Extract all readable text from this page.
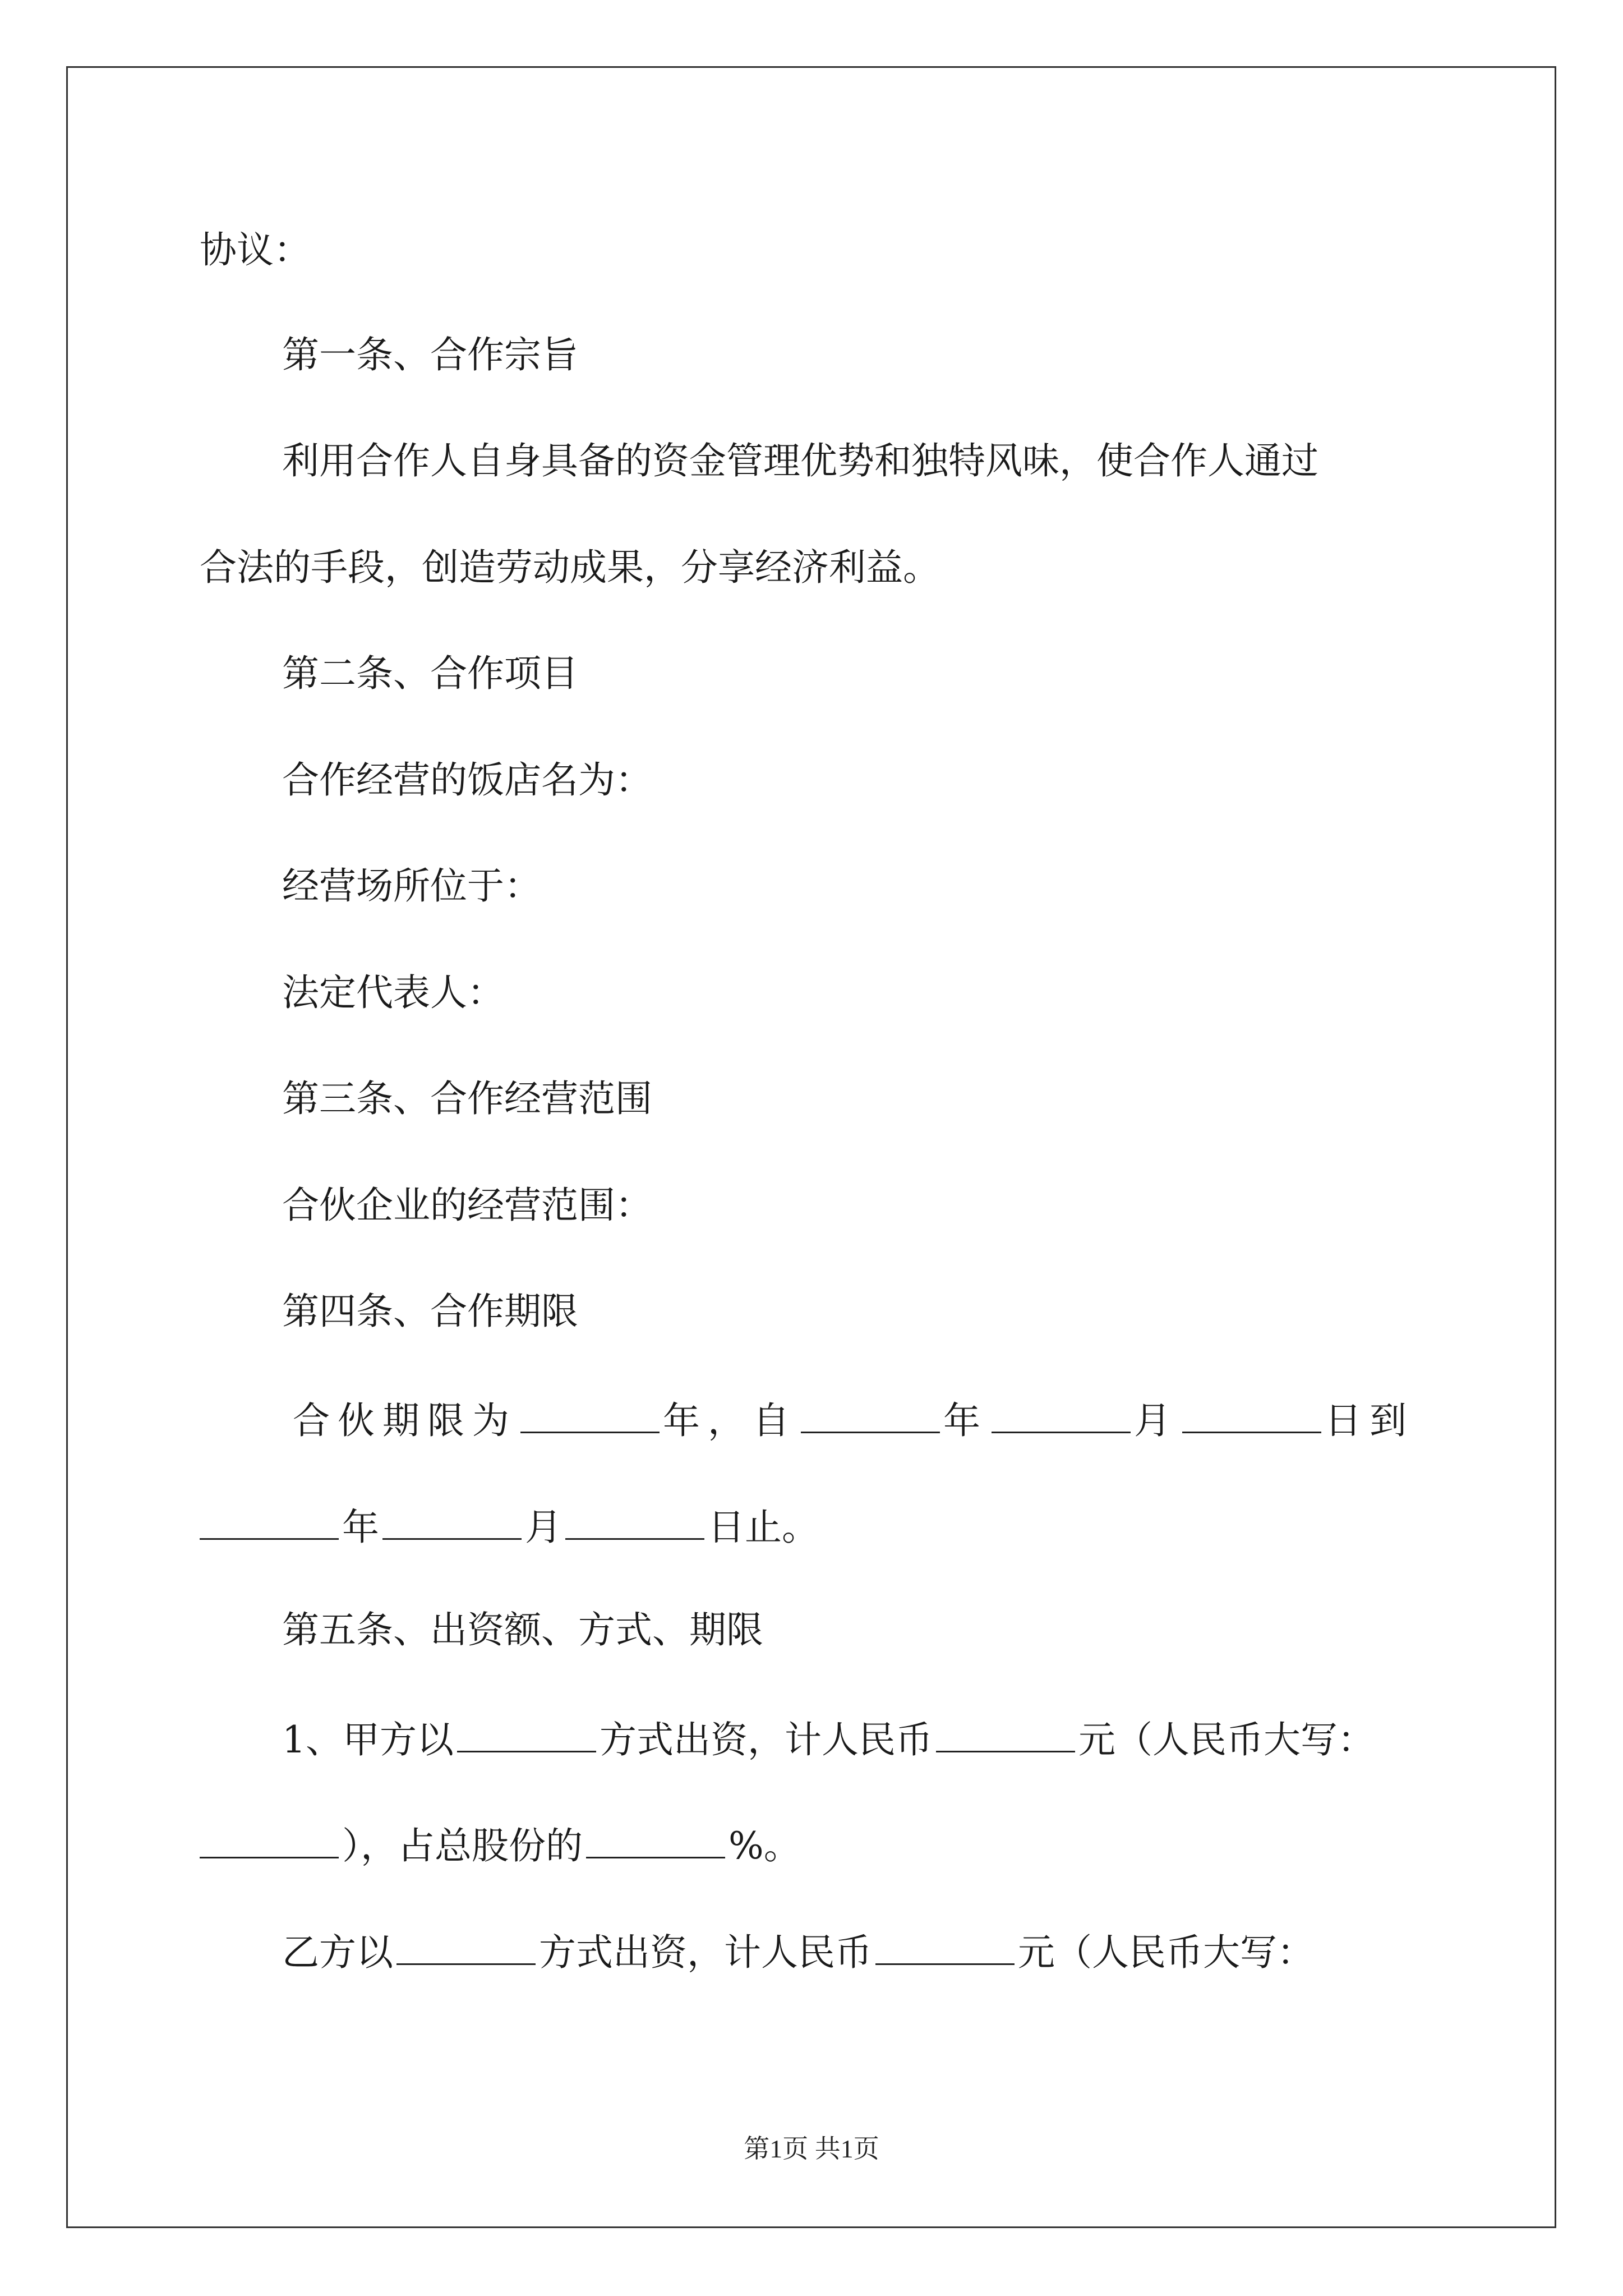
协议：
第一条、合作宗旨
利用合作人自身具备的资金管理优势和独特风味，使合作人通过
合法的手段，创造劳动成果，分享经济利益。
第二条、合作项目
合作经营的饭店名为：
经营场所位于：
法定代表人：
第三条、合作经营范围
合伙企业的经营范围：
第四条、合作期限
合伙期限为	年，自	年	月	日到
年	月	日止。
第五条、出资额、方式、期限
1、甲方以	方式出资，计人民币	元（人民币大写：
），占总股份的	%。
乙方以	方式出资，计人民币	元（人民币大写：
第1页 共1页
